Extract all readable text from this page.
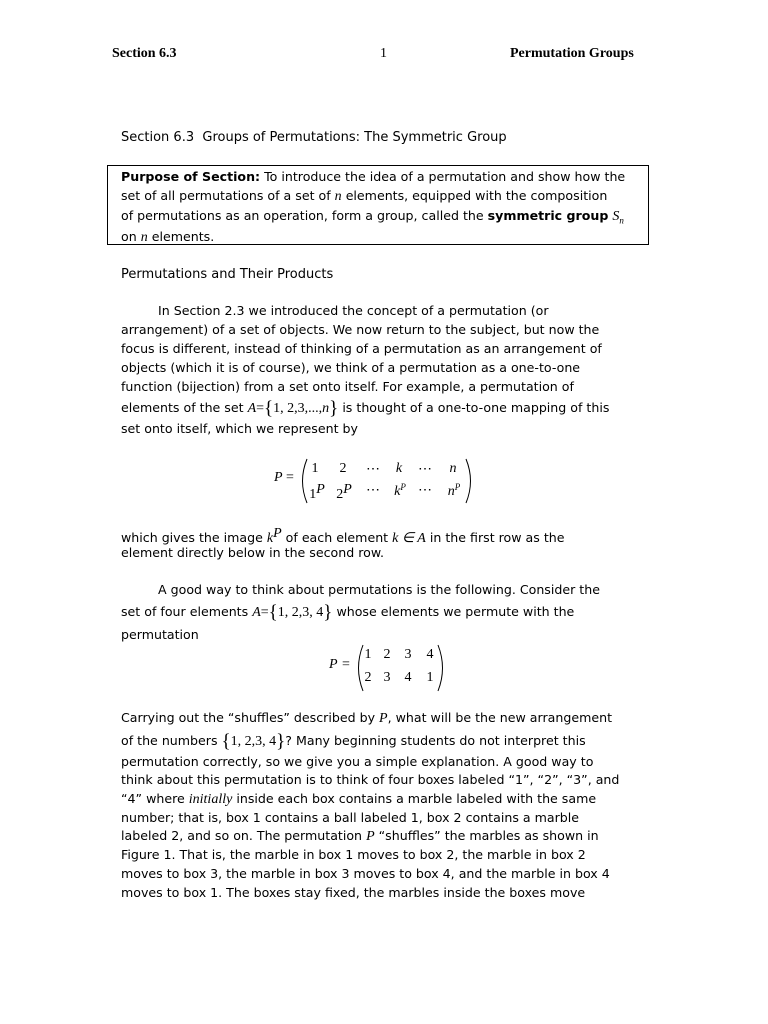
Section 6.3	1	Permutation Groups
Section 6.3  Groups of Permutations: The Symmetric Group
Purpose of Section: To introduce the idea of a permutation and show how the
set of all permutations of a set of n elements, equipped with the composition
of permutations as an operation, form a group, called the symmetric group $S_n$
on n elements.
Permutations and Their Products
In Section 2.3 we introduced the concept of a permutation (or
arrangement) of a set of objects. We now return to the subject, but now the
focus is different, instead of thinking of a permutation as an arrangement of
objects (which it is of course), we think of a permutation as a one-to-one
function (bijection) from a set onto itself. For example, a permutation of
elements of the set A={1, 2,3,...,n} is thought of a one-to-one mapping of this
set onto itself, which we represent by
P =
1 2 ⋯ k ⋯ n
$1^P$ $2^P$ ⋯ $k^P$ ⋯ $n^P$
which gives the image $k^P$ of each element k ∈ A in the first row as the
element directly below in the second row.
A good way to think about permutations is the following. Consider the
set of four elements A={1, 2,3, 4} whose elements we permute with the
permutation
P =
1 2 3 4
2 3 4 1
Carrying out the “shuffles” described by P, what will be the new arrangement
of the numbers {1, 2,3, 4}? Many beginning students do not interpret this
permutation correctly, so we give you a simple explanation. A good way to
think about this permutation is to think of four boxes labeled “1”, “2”, “3”, and
“4” where initially inside each box contains a marble labeled with the same
number; that is, box 1 contains a ball labeled 1, box 2 contains a marble
labeled 2, and so on. The permutation P “shuffles” the marbles as shown in
Figure 1. That is, the marble in box 1 moves to box 2, the marble in box 2
moves to box 3, the marble in box 3 moves to box 4, and the marble in box 4
moves to box 1. The boxes stay fixed, the marbles inside the boxes move
